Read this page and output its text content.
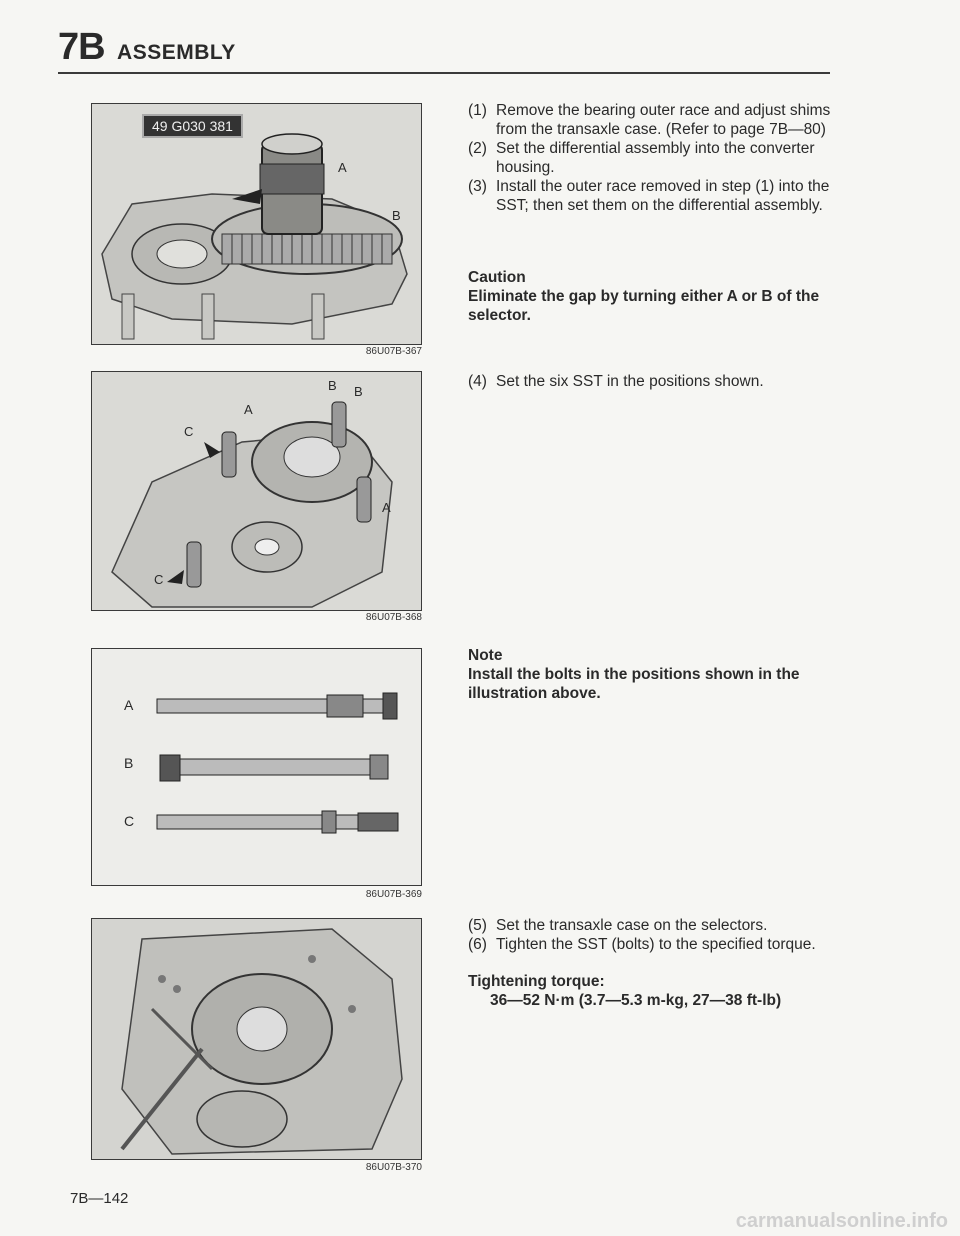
7B ASSEMBLY
49 G030 381
A
B
86U07B-367
B B
A
C
A
C
86U07B-368
A
B
C
86U07B-369
86U07B-370
(1) Remove the bearing outer race and adjust shims from the transaxle case. (Refer to page 7B—80)
(2) Set the differential assembly into the converter housing.
(3) Install the outer race removed in step (1) into the SST; then set them on the differential assembly.
Caution
Eliminate the gap by turning either A or B of the selector.
(4) Set the six SST in the positions shown.
Note
Install the bolts in the positions shown in the illustration above.
(5) Set the transaxle case on the selectors.
(6) Tighten the SST (bolts) to the specified torque.
Tightening torque:
36—52 N·m (3.7—5.3 m-kg, 27—38 ft-lb)
7B—142
carmanualsonline.info
